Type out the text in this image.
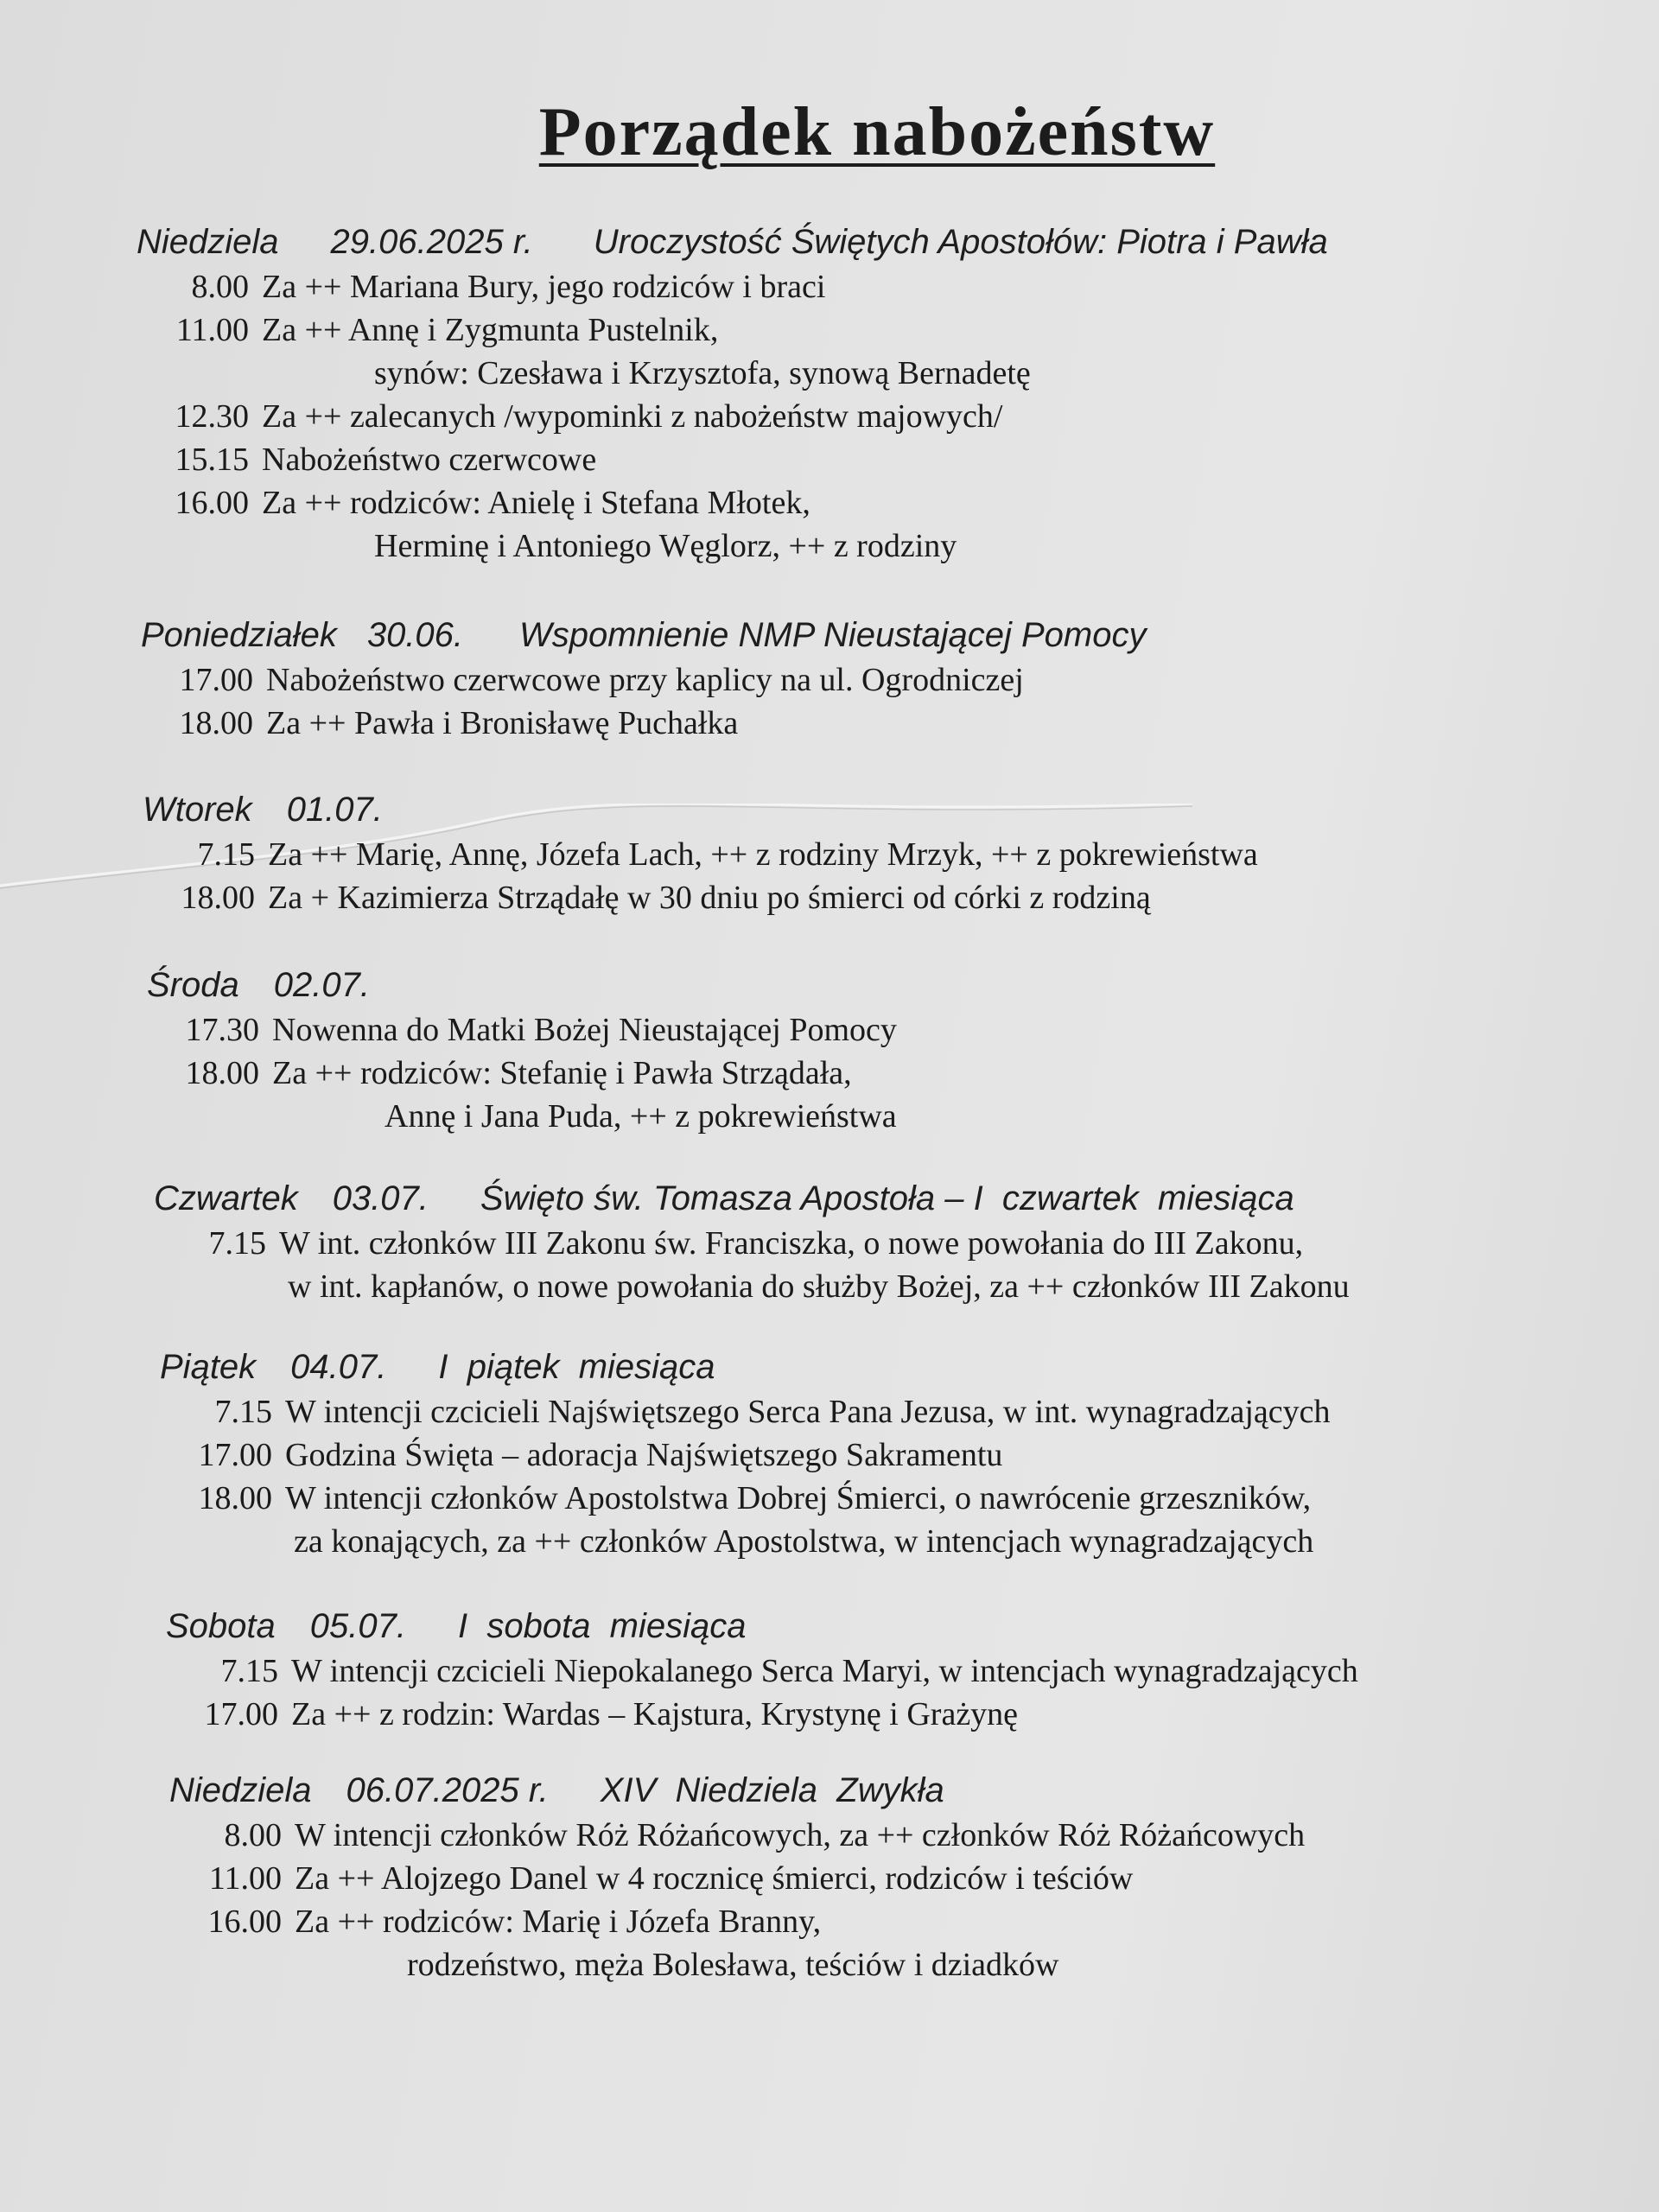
Porządek nabożeństw
Niedziela 29.06.2025 r. Uroczystość Świętych Apostołów: Piotra i Pawła
8.00 Za ++ Mariana Bury, jego rodziców i braci
11.00 Za ++ Annę i Zygmunta Pustelnik,
synów: Czesława i Krzysztofa, synową Bernadetę
12.30 Za ++ zalecanych /wypominki z nabożeństw majowych/
15.15 Nabożeństwo czerwcowe
16.00 Za ++ rodziców: Anielę i Stefana Młotek,
Herminę i Antoniego Węglorz, ++ z rodziny
Poniedziałek 30.06. Wspomnienie NMP Nieustającej Pomocy
17.00 Nabożeństwo czerwcowe przy kaplicy na ul. Ogrodniczej
18.00 Za ++ Pawła i Bronisławę Puchałka
Wtorek 01.07.
7.15 Za ++ Marię, Annę, Józefa Lach, ++ z rodziny Mrzyk, ++ z pokrewieństwa
18.00 Za + Kazimierza Strządałę w 30 dniu po śmierci od córki z rodziną
Środa 02.07.
17.30 Nowenna do Matki Bożej Nieustającej Pomocy
18.00 Za ++ rodziców: Stefanię i Pawła Strządała,
Annę i Jana Puda, ++ z pokrewieństwa
Czwartek 03.07. Święto św. Tomasza Apostoła – I  czwartek  miesiąca
7.15 W int. członków III Zakonu św. Franciszka, o nowe powołania do III Zakonu,
w int. kapłanów, o nowe powołania do służby Bożej, za ++ członków III Zakonu
Piątek 04.07. I  piątek  miesiąca
7.15 W intencji czcicieli Najświętszego Serca Pana Jezusa, w int. wynagradzających
17.00 Godzina Święta – adoracja Najświętszego Sakramentu
18.00 W intencji członków Apostolstwa Dobrej Śmierci, o nawrócenie grzeszników,
za konających, za ++ członków Apostolstwa, w intencjach wynagradzających
Sobota 05.07. I  sobota  miesiąca
7.15 W intencji czcicieli Niepokalanego Serca Maryi, w intencjach wynagradzających
17.00 Za ++ z rodzin: Wardas – Kajstura, Krystynę i Grażynę
Niedziela 06.07.2025 r. XIV  Niedziela  Zwykła
8.00 W intencji członków Róż Różańcowych, za ++ członków Róż Różańcowych
11.00 Za ++ Alojzego Danel w 4 rocznicę śmierci, rodziców i teściów
16.00 Za ++ rodziców: Marię i Józefa Branny,
rodzeństwo, męża Bolesława, teściów i dziadków
